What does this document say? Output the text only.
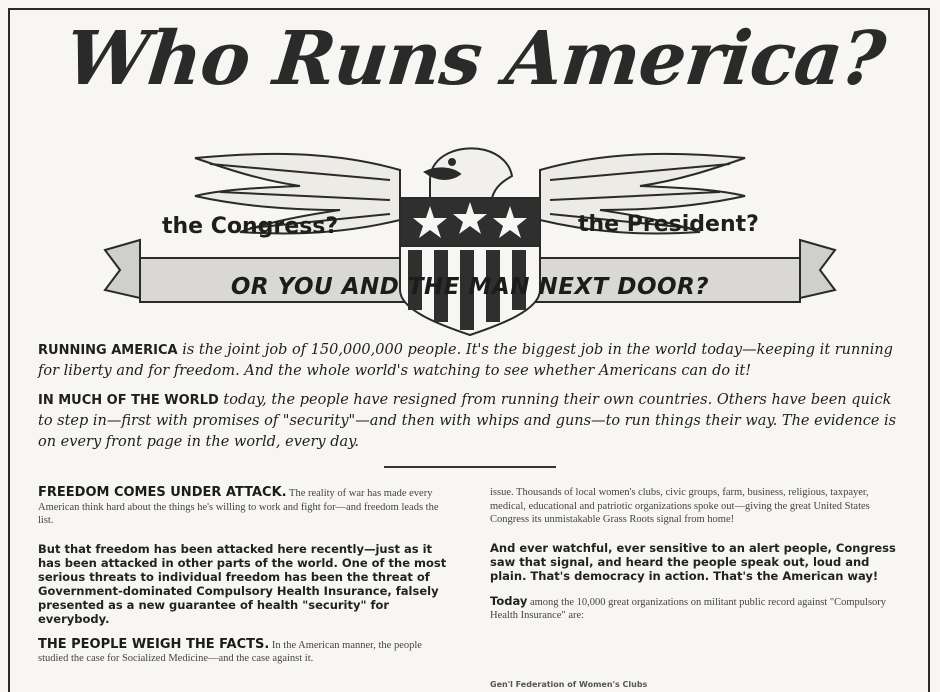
Who Runs America?
the Congress?	the President?
OR YOU AND THE MAN NEXT DOOR?
RUNNING AMERICA is the joint job of 150,000,000 people. It's the biggest job in the world today—keeping it running for liberty and for freedom. And the whole world's watching to see whether Americans can do it!
IN MUCH OF THE WORLD today, the people have resigned from running their own countries. Others have been quick to step in—first with promises of "security"—and then with whips and guns—to run things their way. The evidence is on every front page in the world, every day.

FREEDOM COMES UNDER ATTACK. The reality of war has made every American think hard about the things he's willing to work and fight for—and freedom leads the list.

But that freedom has been attacked here recently—just as it has been attacked in other parts of the world. One of the most serious threats to individual freedom has been the threat of Government-dominated Compulsory Health Insurance, falsely presented as a new guarantee of health "security" for everybody.

THE PEOPLE WEIGH THE FACTS. In the American manner, the people studied the case for Socialized Medicine—and the case against it.

issue. Thousands of local women's clubs, civic groups, farm, business, religious, taxpayer, medical, educational and patriotic organizations spoke out—giving the great United States Congress its unmistakable Grass Roots signal from home!

And ever watchful, ever sensitive to an alert people, Congress saw that signal, and heard the people speak out, loud and plain. That's democracy in action. That's the American way!

Today among the 10,000 great organizations on militant public record against "Compulsory Health Insurance" are:

Gen'l Federation of Women's Clubs
